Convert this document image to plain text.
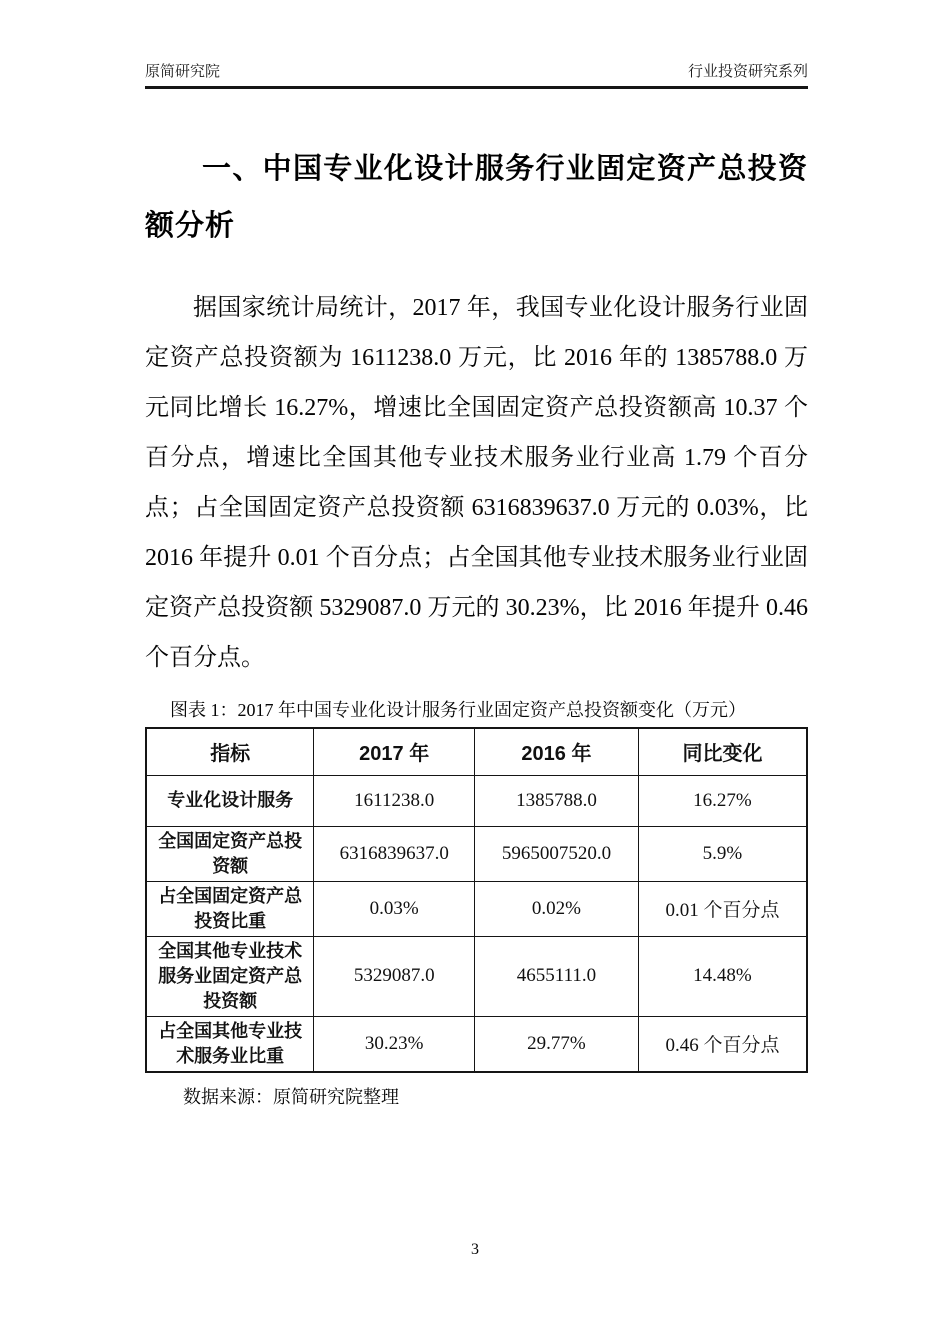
原简研究院	行业投资研究系列
一、中国专业化设计服务行业固定资产总投资额分析

据国家统计局统计，2017 年，我国专业化设计服务行业固定资产总投资额为 1611238.0 万元，比 2016 年的 1385788.0 万元同比增长 16.27%，增速比全国固定资产总投资额高 10.37 个百分点，增速比全国其他专业技术服务业行业高 1.79 个百分点；占全国固定资产总投资额 6316839637.0 万元的 0.03%，比 2016 年提升 0.01 个百分点；占全国其他专业技术服务业行业固定资产总投资额 5329087.0 万元的 30.23%，比 2016 年提升 0.46 个百分点。

图表 1：2017 年中国专业化设计服务行业固定资产总投资额变化（万元）
指标	2017 年	2016 年	同比变化
专业化设计服务	1611238.0	1385788.0	16.27%
全国固定资产总投资额	6316839637.0	5965007520.0	5.9%
占全国固定资产总投资比重	0.03%	0.02%	0.01 个百分点
全国其他专业技术服务业固定资产总投资额	5329087.0	4655111.0	14.48%
占全国其他专业技术服务业比重	30.23%	29.77%	0.46 个百分点
数据来源：原简研究院整理
3
